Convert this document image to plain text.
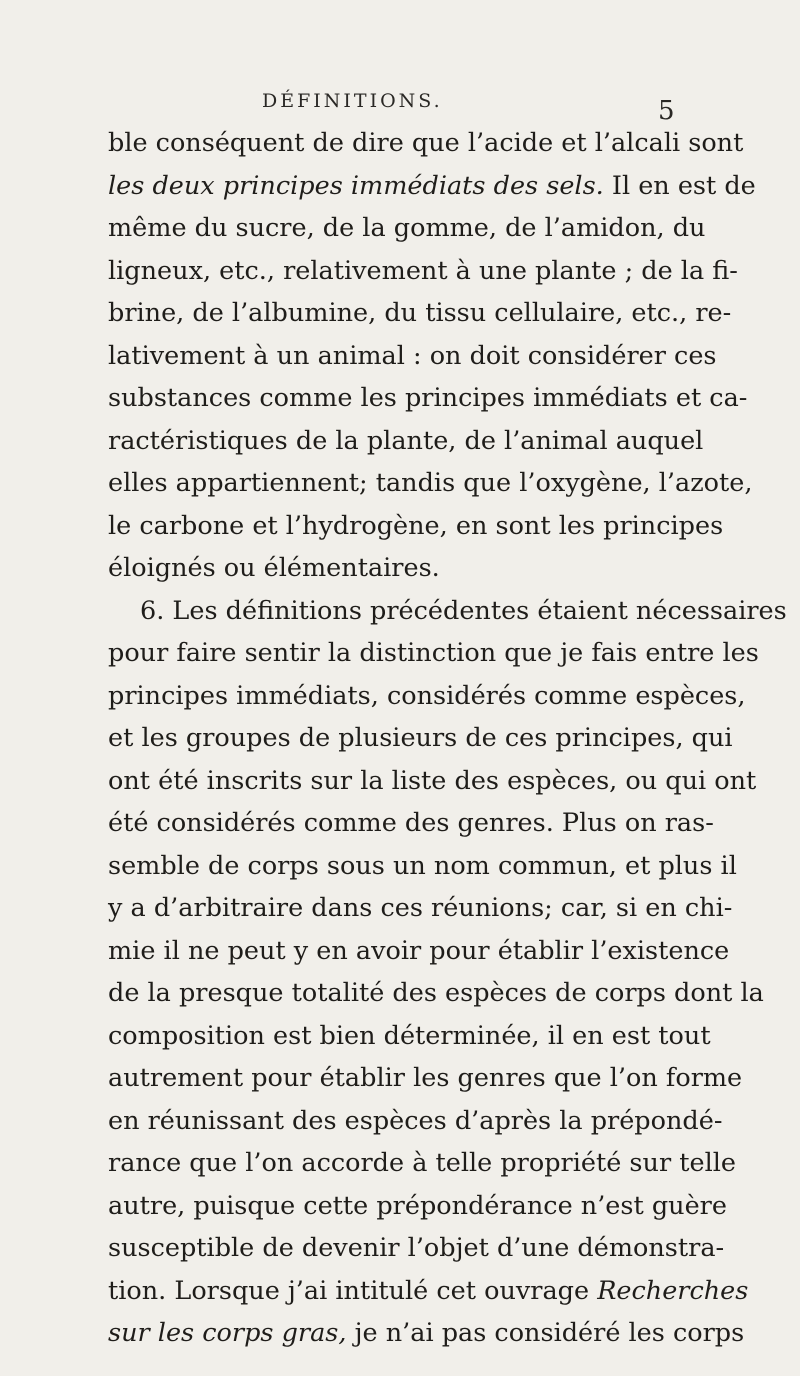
DÉFINITIONS.	5
ble conséquent de dire que l’acide et l’alcali sont
les deux principes immédiats des sels. Il en est de
même du sucre, de la gomme, de l’amidon, du
ligneux, etc., relativement à une plante ; de la fi-
brine, de l’albumine, du tissu cellulaire, etc., re-
lativement à un animal : on doit considérer ces
substances comme les principes immédiats et ca-
ractéristiques de la plante, de l’animal auquel
elles appartiennent; tandis que l’oxygène, l’azote,
le carbone et l’hydrogène, en sont les principes
éloignés ou élémentaires.
6. Les définitions précédentes étaient nécessaires
pour faire sentir la distinction que je fais entre les
principes immédiats, considérés comme espèces,
et les groupes de plusieurs de ces principes, qui
ont été inscrits sur la liste des espèces, ou qui ont
été considérés comme des genres. Plus on ras-
semble de corps sous un nom commun, et plus il
y a d’arbitraire dans ces réunions; car, si en chi-
mie il ne peut y en avoir pour établir l’existence
de la presque totalité des espèces de corps dont la
composition est bien déterminée, il en est tout
autrement pour établir les genres que l’on forme
en réunissant des espèces d’après la prépondé-
rance que l’on accorde à telle propriété sur telle
autre, puisque cette prépondérance n’est guère
susceptible de devenir l’objet d’une démonstra-
tion. Lorsque j’ai intitulé cet ouvrage Recherches
sur les corps gras, je n’ai pas considéré les corps
